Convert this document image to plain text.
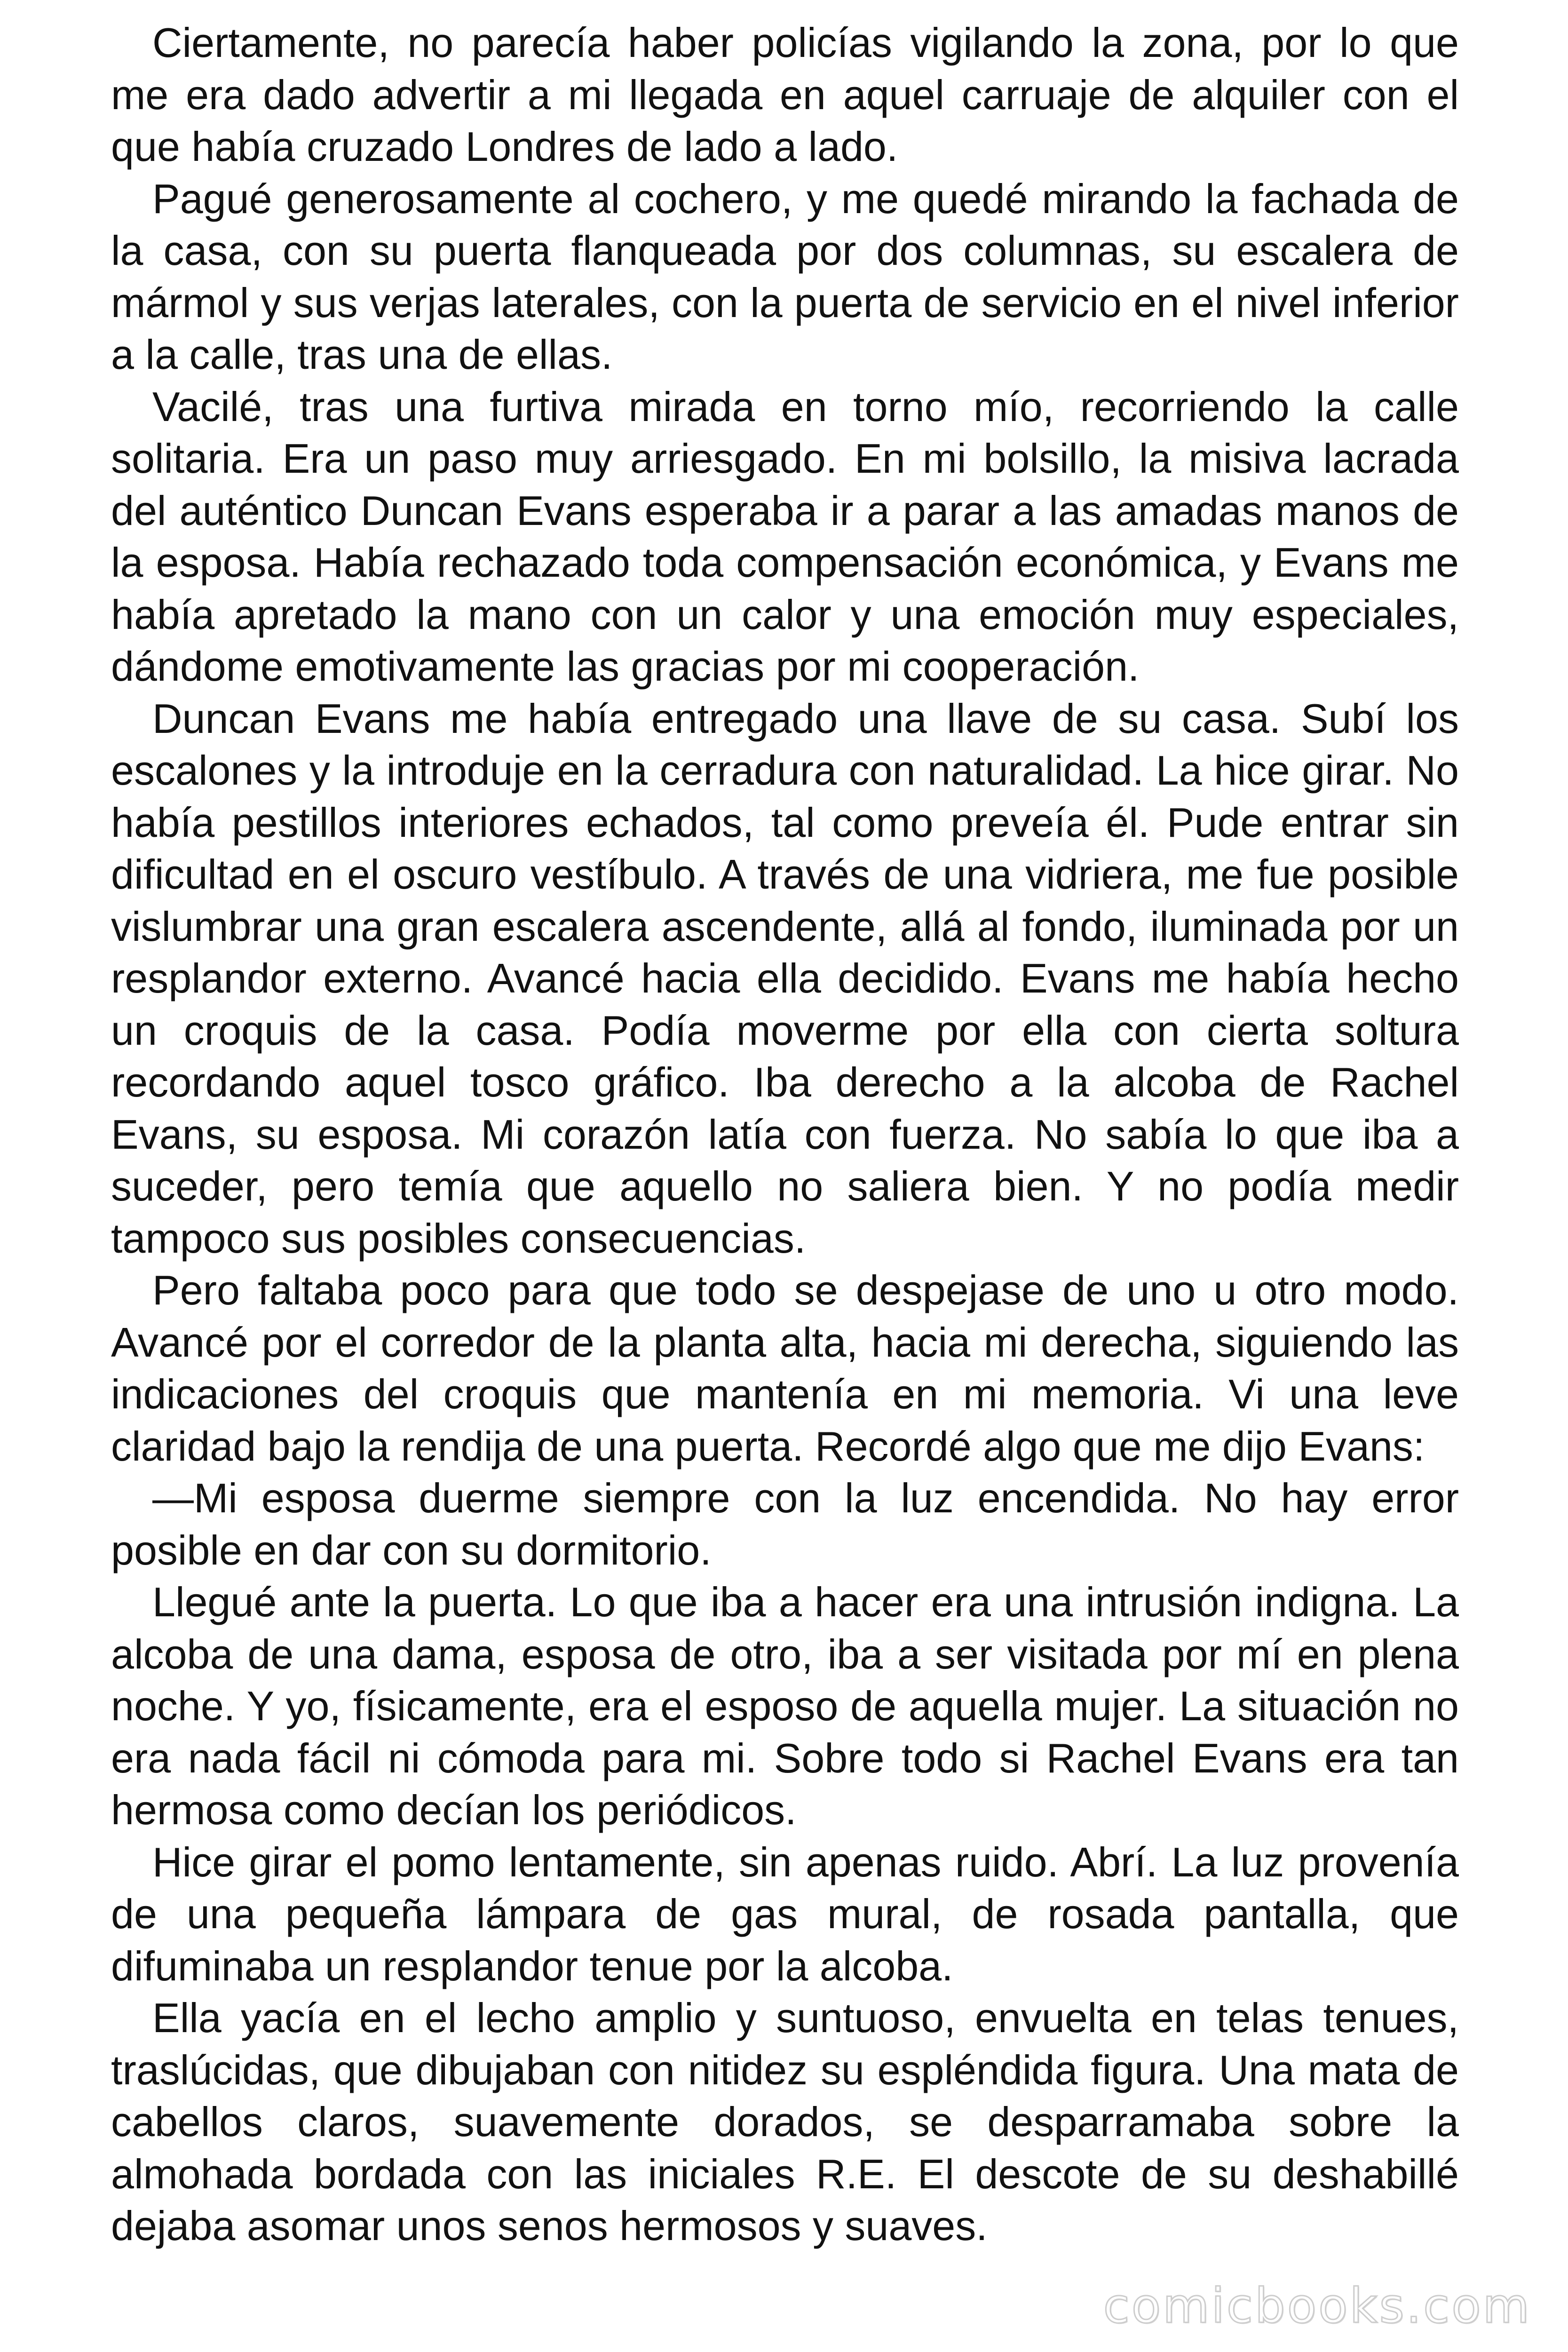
Ciertamente, no parecía haber policías vigilando la zona, por lo que me era dado advertir a mi llegada en aquel carruaje de alquiler con el que había cruzado Londres de lado a lado.

Pagué generosamente al cochero, y me quedé mirando la fachada de la casa, con su puerta flanqueada por dos columnas, su escalera de mármol y sus verjas laterales, con la puerta de servicio en el nivel inferior a la calle, tras una de ellas.

Vacilé, tras una furtiva mirada en torno mío, recorriendo la calle solitaria. Era un paso muy arriesgado. En mi bolsillo, la misiva lacrada del auténtico Duncan Evans esperaba ir a parar a las amadas manos de la esposa. Había rechazado toda compensación económica, y Evans me había apretado la mano con un calor y una emoción muy especiales, dándome emotivamente las gracias por mi cooperación.

Duncan Evans me había entregado una llave de su casa. Subí los escalones y la introduje en la cerradura con naturalidad. La hice girar. No había pestillos interiores echados, tal como preveía él. Pude entrar sin dificultad en el oscuro vestíbulo. A través de una vidriera, me fue posible vislumbrar una gran escalera ascendente, allá al fondo, iluminada por un resplandor externo. Avancé hacia ella decidido. Evans me había hecho un croquis de la casa. Podía moverme por ella con cierta soltura recordando aquel tosco gráfico. Iba derecho a la alcoba de Rachel Evans, su esposa. Mi corazón latía con fuerza. No sabía lo que iba a suceder, pero temía que aquello no saliera bien. Y no podía medir tampoco sus posibles consecuencias.

Pero faltaba poco para que todo se despejase de uno u otro modo. Avancé por el corredor de la planta alta, hacia mi derecha, siguiendo las indicaciones del croquis que mantenía en mi memoria. Vi una leve claridad bajo la rendija de una puerta. Recordé algo que me dijo Evans:

—Mi esposa duerme siempre con la luz encendida. No hay error posible en dar con su dormitorio.

Llegué ante la puerta. Lo que iba a hacer era una intrusión indigna. La alcoba de una dama, esposa de otro, iba a ser visitada por mí en plena noche. Y yo, físicamente, era el esposo de aquella mujer. La situación no era nada fácil ni cómoda para mi. Sobre todo si Rachel Evans era tan hermosa como decían los periódicos.

Hice girar el pomo lentamente, sin apenas ruido. Abrí. La luz provenía de una pequeña lámpara de gas mural, de rosada pantalla, que difuminaba un resplandor tenue por la alcoba.

Ella yacía en el lecho amplio y suntuoso, envuelta en telas tenues, traslúcidas, que dibujaban con nitidez su espléndida figura. Una mata de cabellos claros, suavemente dorados, se desparramaba sobre la almohada bordada con las iniciales R.E. El descote de su deshabillé dejaba asomar unos senos hermosos y suaves.

comicbooks.com
